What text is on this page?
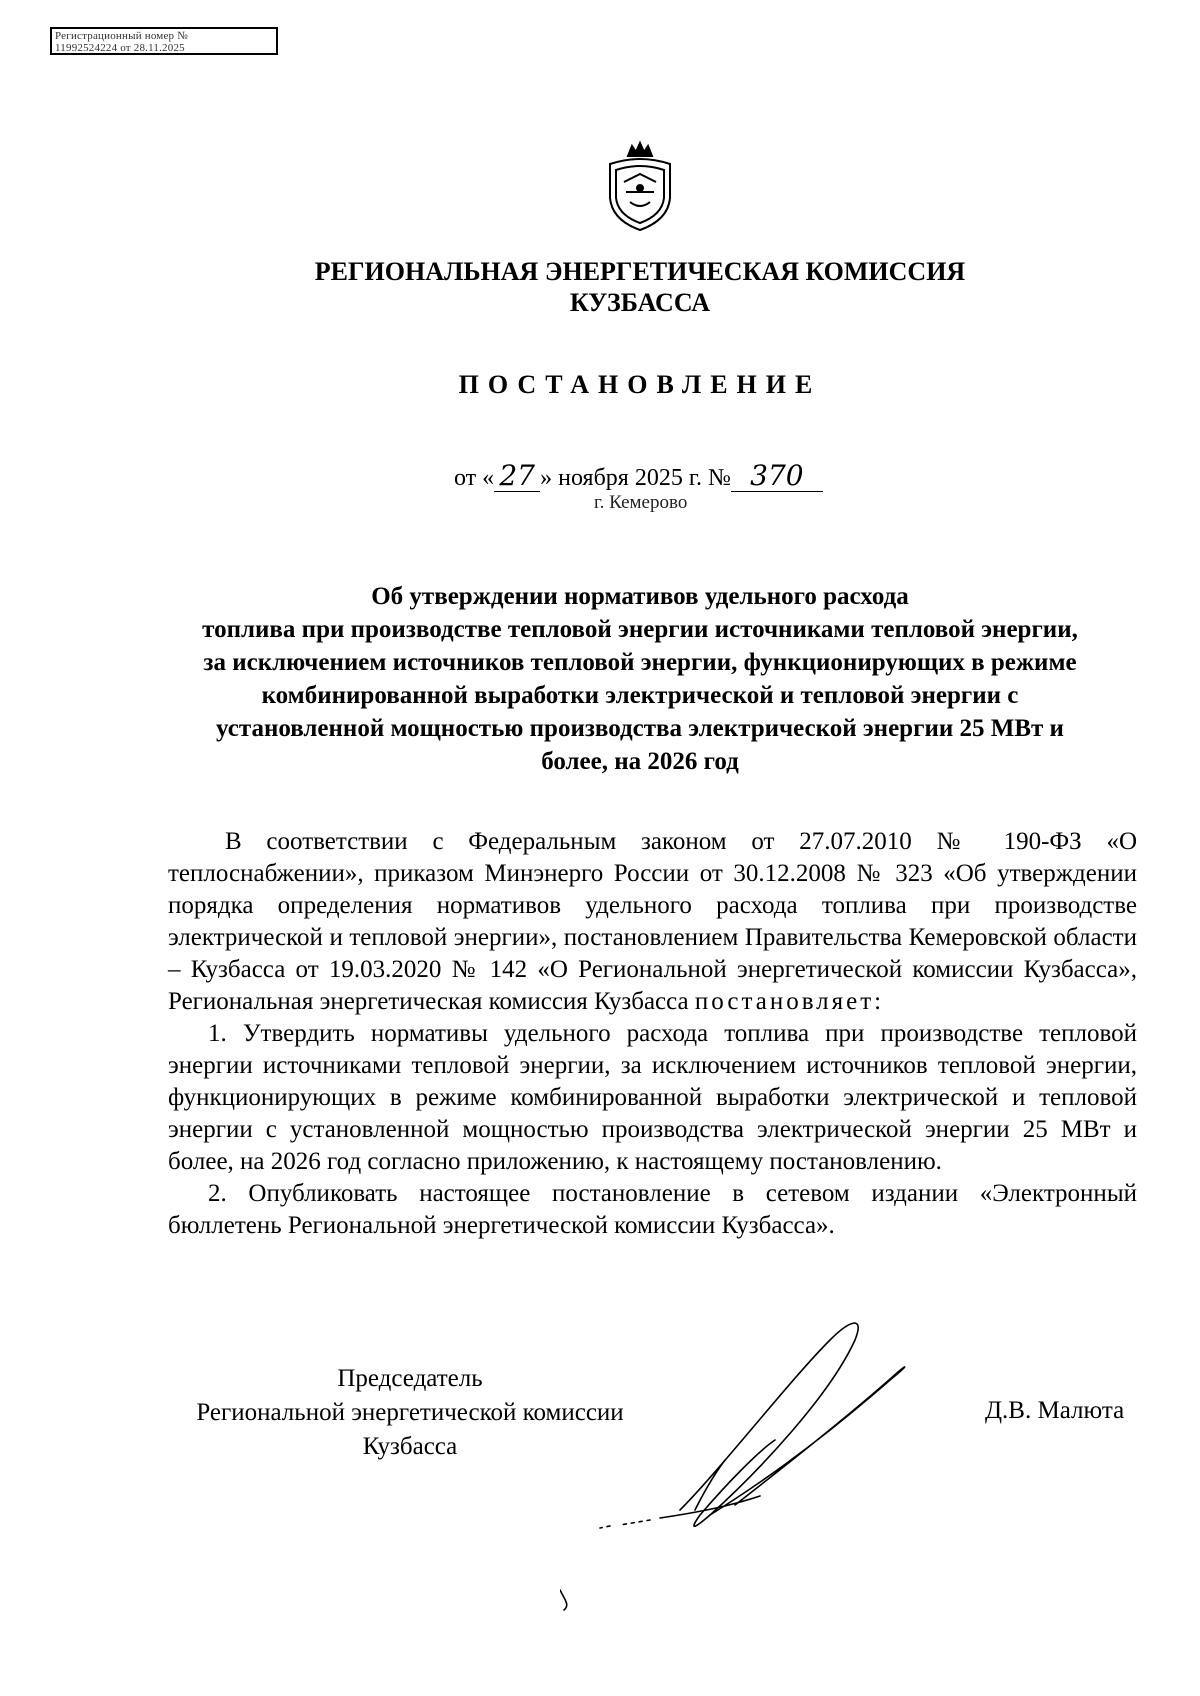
Регистрационный номер №
11992524224 от 28.11.2025
РЕГИОНАЛЬНАЯ ЭНЕРГЕТИЧЕСКАЯ КОМИССИЯ
КУЗБАССА
ПОСТАНОВЛЕНИЕ
от « 27 » ноября 2025 г. № 370
г. Кемерово
Об утверждении нормативов удельного расхода
топлива при производстве тепловой энергии источниками тепловой энергии,
за исключением источников тепловой энергии, функционирующих в режиме
комбинированной выработки электрической и тепловой энергии с
установленной мощностью производства электрической энергии 25 МВт и
более, на 2026 год

В соответствии с Федеральным законом от 27.07.2010 № 190-ФЗ «О теплоснабжении», приказом Минэнерго России от 30.12.2008 № 323 «Об утверждении порядка определения нормативов удельного расхода топлива при производстве электрической и тепловой энергии», постановлением Правительства Кемеровской области – Кузбасса от 19.03.2020 № 142 «О Региональной энергетической комиссии Кузбасса», Региональная энергетическая комиссия Кузбасса постановляет:

1. Утвердить нормативы удельного расхода топлива при производстве тепловой энергии источниками тепловой энергии, за исключением источников тепловой энергии, функционирующих в режиме комбинированной выработки электрической и тепловой энергии с установленной мощностью производства электрической энергии 25 МВт и более, на 2026 год согласно приложению, к настоящему постановлению.

2. Опубликовать настоящее постановление в сетевом издании «Электронный бюллетень Региональной энергетической комиссии Кузбасса».

Председатель
Региональной энергетической комиссии
Кузбасса
Д.В. Малюта
